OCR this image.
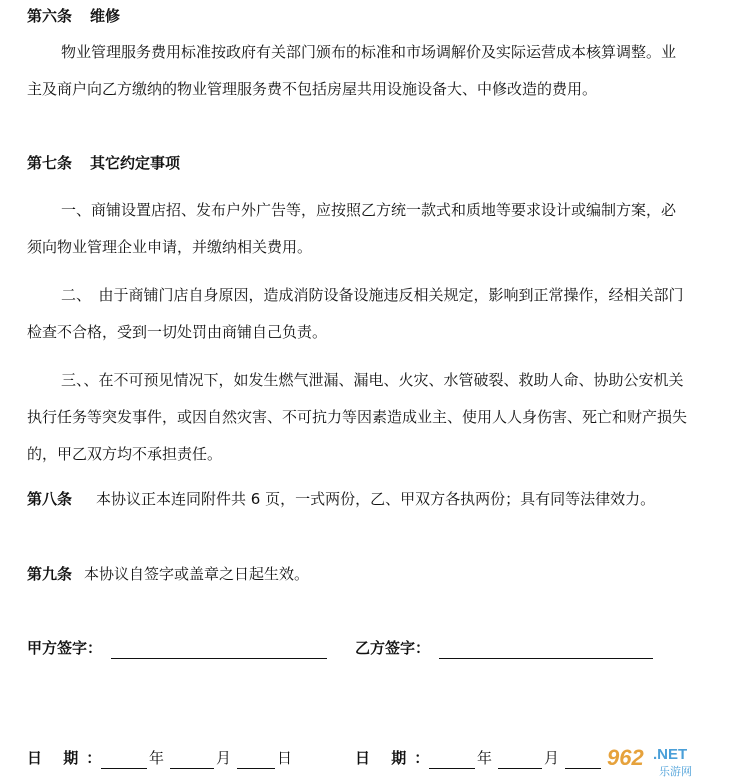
第六条 维修

物业管理服务费用标准按政府有关部门颁布的标准和市场调解价及实际运营成本核算调整。业主及商户向乙方缴纳的物业管理服务费不包括房屋共用设施设备大、中修改造的费用。

第七条 其它约定事项

一、商铺设置店招、发布户外广告等，应按照乙方统一款式和质地等要求设计或编制方案，必须向物业管理企业申请，并缴纳相关费用。

二、　由于商铺门店自身原因，造成消防设备设施违反相关规定，影响到正常操作，经相关部门检查不合格，受到一切处罚由商铺自己负责。

三、、在不可预见情况下，如发生燃气泄漏、漏电、火灾、水管破裂、救助人命、协助公安机关执行任务等突发事件，或因自然灾害、不可抗力等因素造成业主、使用人人身伤害、死亡和财产损失的，甲乙双方均不承担责任。

第八条 本协议正本连同附件共 6 页，一式两份，乙、甲双方各执两份；具有同等法律效力。

第九条 本协议自签字或盖章之日起生效。

甲方签字：	乙方签字：
日 期：	年	月	日	日 期：	年	月 962 .NET
乐游网
